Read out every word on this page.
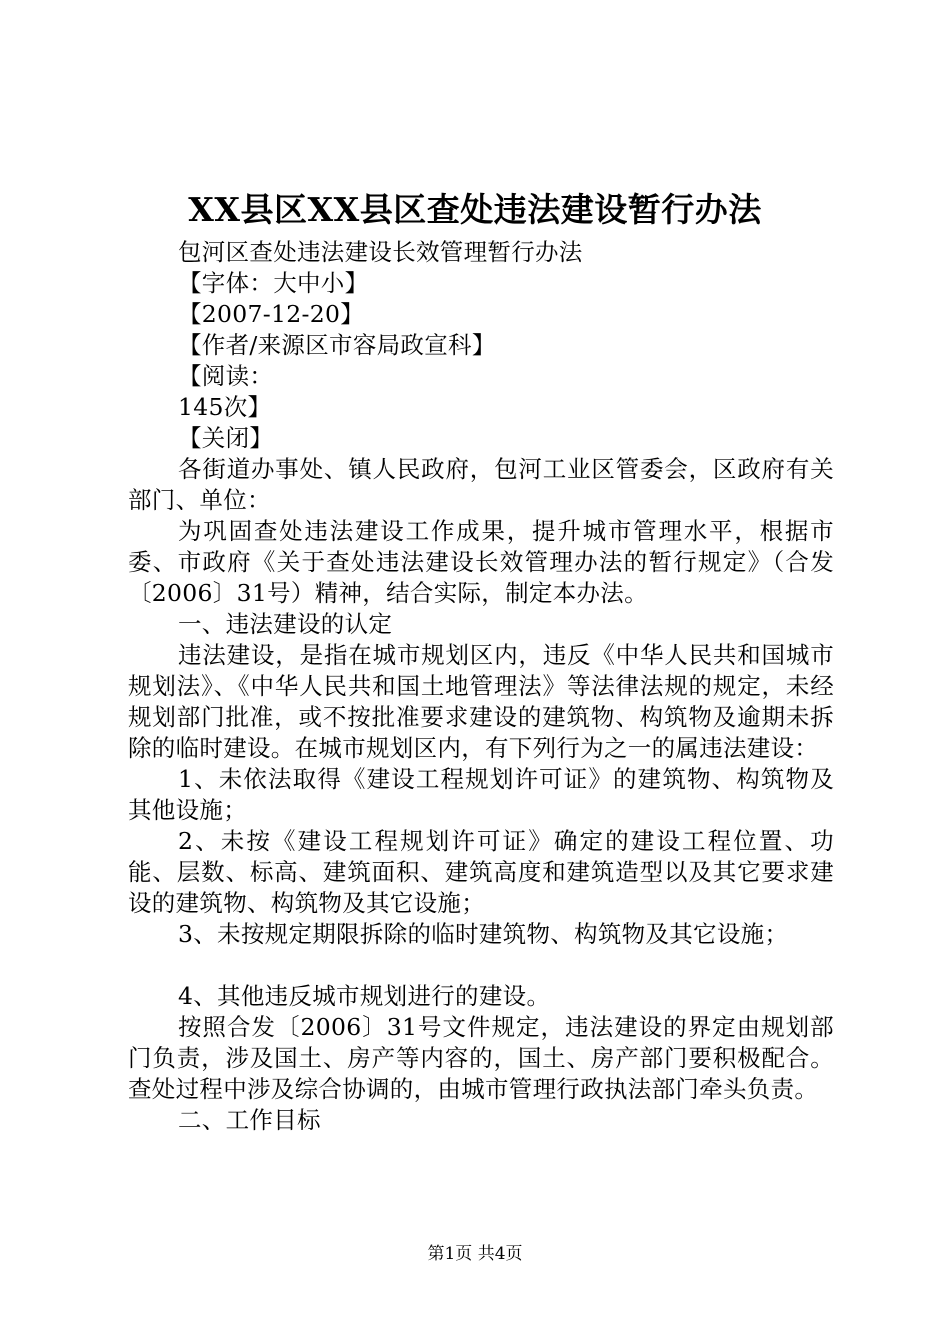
XX县区XX县区查处违法建设暂行办法
包河区查处违法建设长效管理暂行办法
【字体：大中小】
【2007-12-20】
【作者/来源区市容局政宣科】
【阅读：
145次】
【关闭】

各街道办事处、镇人民政府，包河工业区管委会，区政府有关部门、单位：

为巩固查处违法建设工作成果，提升城市管理水平，根据市委、市政府《关于查处违法建设长效管理办法的暂行规定》（合发〔2006〕31号）精神，结合实际，制定本办法。

一、违法建设的认定

违法建设，是指在城市规划区内，违反《中华人民共和国城市规划法》、《中华人民共和国土地管理法》等法律法规的规定，未经规划部门批准，或不按批准要求建设的建筑物、构筑物及逾期未拆除的临时建设。在城市规划区内，有下列行为之一的属违法建设：

1、未依法取得《建设工程规划许可证》的建筑物、构筑物及其他设施；

2、未按《建设工程规划许可证》确定的建设工程位置、功能、层数、标高、建筑面积、建筑高度和建筑造型以及其它要求建设的建筑物、构筑物及其它设施；

3、未按规定期限拆除的临时建筑物、构筑物及其它设施；

4、其他违反城市规划进行的建设。

按照合发〔2006〕31号文件规定，违法建设的界定由规划部门负责，涉及国土、房产等内容的，国土、房产部门要积极配合。查处过程中涉及综合协调的，由城市管理行政执法部门牵头负责。

二、工作目标

第1页 共4页
